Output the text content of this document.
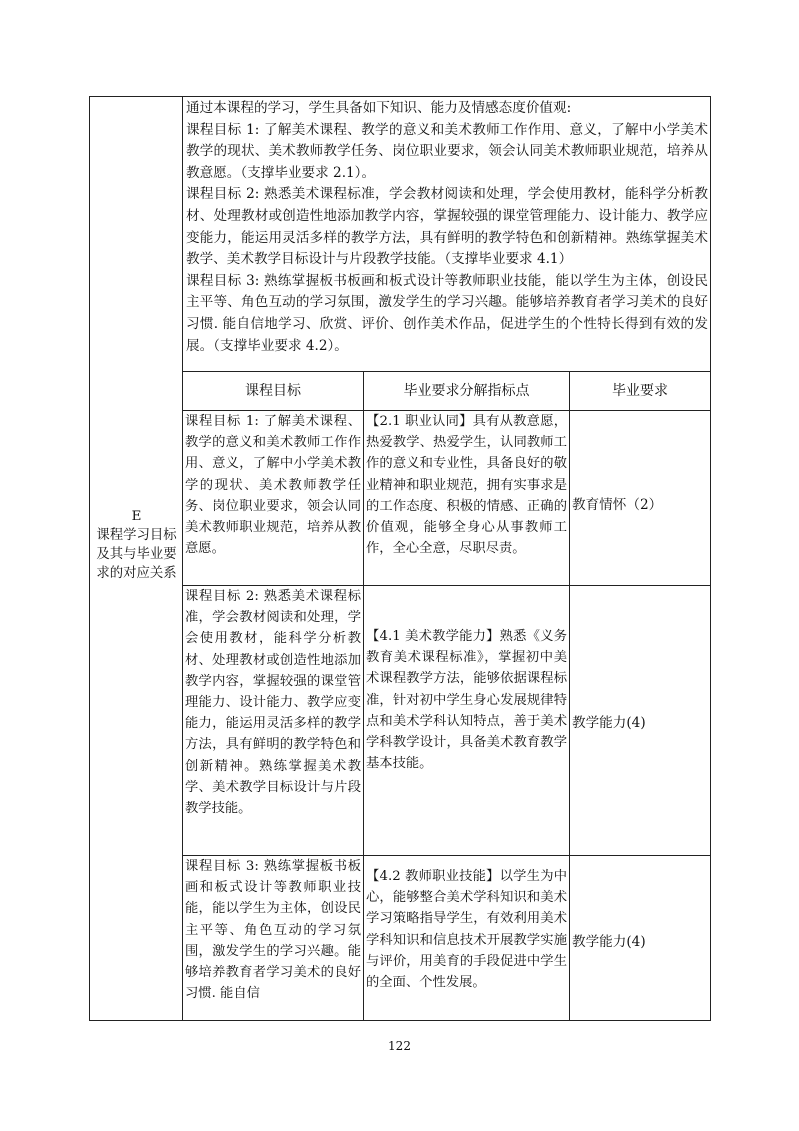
E
课程学习目标及其与毕业要求的对应关系

通过本课程的学习，学生具备如下知识、能力及情感态度价值观:

课程目标 1: 了解美术课程、教学的意义和美术教师工作作用、意义，了解中小学美术教学的现状、美术教师教学任务、岗位职业要求，领会认同美术教师职业规范，培养从教意愿。（支撑毕业要求 2.1）。

课程目标 2: 熟悉美术课程标准，学会教材阅读和处理，学会使用教材，能科学分析教材、处理教材或创造性地添加教学内容，掌握较强的课堂管理能力、设计能力、教学应变能力，能运用灵活多样的教学方法，具有鲜明的教学特色和创新精神。熟练掌握美术教学、美术教学目标设计与片段教学技能。（支撑毕业要求 4.1）

课程目标 3: 熟练掌握板书板画和板式设计等教师职业技能，能以学生为主体，创设民主平等、角色互动的学习氛围，激发学生的学习兴趣。能够培养教育者学习美术的良好习惯. 能自信地学习、欣赏、评价、创作美术作品，促进学生的个性特长得到有效的发展。（支撑毕业要求 4.2）。

课程目标	毕业要求分解指标点	毕业要求
课程目标 1: 了解美术课程、教学的意义和美术教师工作作用、意义，了解中小学美术教学的现状、美术教师教学任务、岗位职业要求，领会认同美术教师职业规范，培养从教意愿。
【2.1 职业认同】具有从教意愿，热爱教学、热爱学生，认同教师工作的意义和专业性，具备良好的敬业精神和职业规范，拥有实事求是的工作态度、积极的情感、正确的价值观，能够全身心从事教师工作，全心全意，尽职尽责。
教育情怀（2）
课程目标 2: 熟悉美术课程标准，学会教材阅读和处理，学会使用教材，能科学分析教材、处理教材或创造性地添加教学内容，掌握较强的课堂管理能力、设计能力、教学应变能力，能运用灵活多样的教学方法，具有鲜明的教学特色和创新精神。熟练掌握美术教学、美术教学目标设计与片段教学技能。
【4.1 美术教学能力】熟悉《义务教育美术课程标准》，掌握初中美术课程教学方法，能够依据课程标准，针对初中学生身心发展规律特点和美术学科认知特点，善于美术学科教学设计，具备美术教育教学基本技能。
教学能力(4)
课程目标 3: 熟练掌握板书板画和板式设计等教师职业技能，能以学生为主体，创设民主平等、角色互动的学习氛围，激发学生的学习兴趣。能够培养教育者学习美术的良好习惯. 能自信
【4.2 教师职业技能】以学生为中心，能够整合美术学科知识和美术学习策略指导学生，有效利用美术学科知识和信息技术开展教学实施与评价，用美育的手段促进中学生的全面、个性发展。
教学能力(4)
122
